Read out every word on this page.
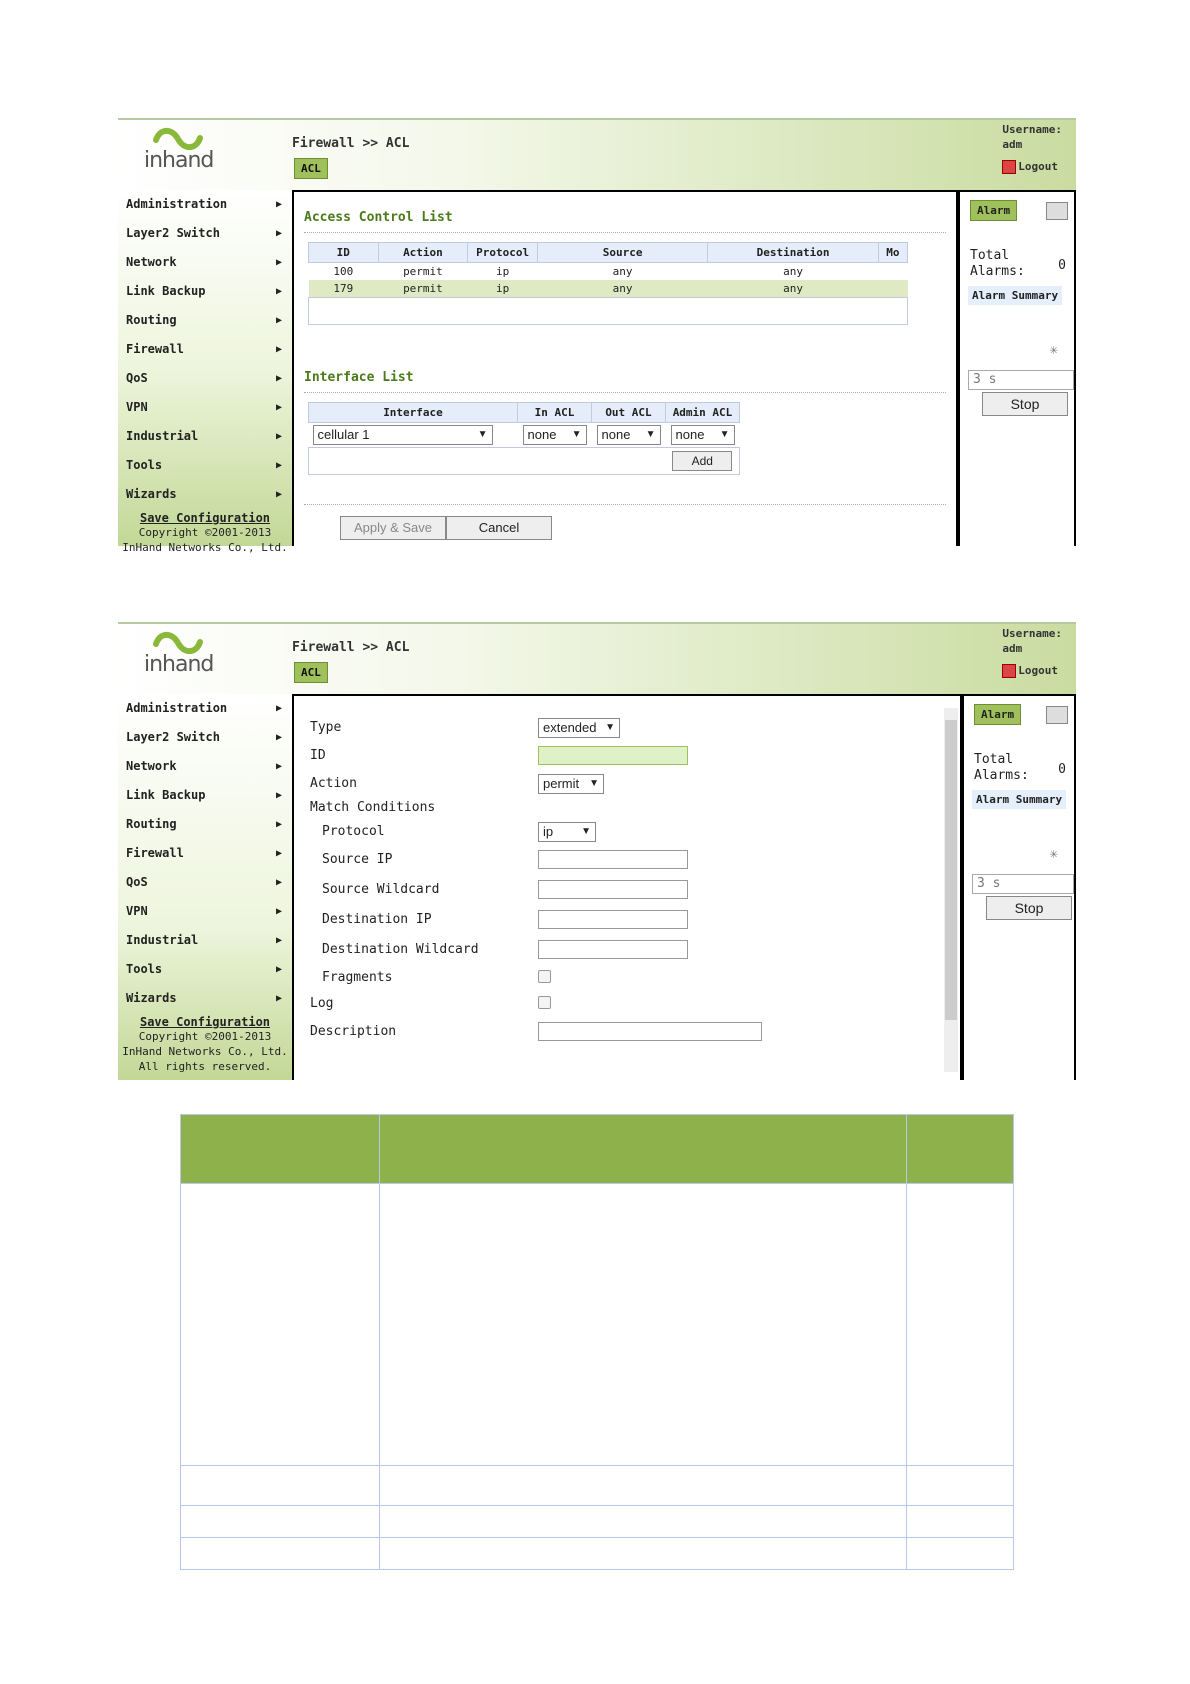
inhand
Firewall >> ACL
ACL
Username:
adm
Logout
Administration	▶
Layer2 Switch	▶
Network	▶
Link Backup	▶
Routing	▶
Firewall	▶
QoS	▶
VPN	▶
Industrial	▶
Tools	▶
Wizards	▶
Save Configuration
Copyright ©2001-2013
InHand Networks Co., Ltd.
Access Control List
ID	Action	Protocol	Source	Destination	Mo
100	permit	ip	any	any	
179	permit	ip	any	any	

Interface List
Interface	In ACL	Out ACL	Admin ACL
cellular 1 ▼	none ▼	none ▼	none ▼

			Add
Apply & Save	Cancel
Alarm
Total Alarms:	0
Alarm Summary
✳
3 s
Stop
inhand
Firewall >> ACL
ACL
Username:
adm
Logout
Administration	▶
Layer2 Switch	▶
Network	▶
Link Backup	▶
Routing	▶
Firewall	▶
QoS	▶
VPN	▶
Industrial	▶
Tools	▶
Wizards	▶
Save Configuration
Copyright ©2001-2013
InHand Networks Co., Ltd.
All rights reserved.
Type	extended ▼
ID
Action	permit ▼
Match Conditions
Protocol	ip	▼
Source IP
Source Wildcard
Destination IP
Destination Wildcard
Fragments
Log
Description
Alarm
Total Alarms:	0
Alarm Summary
✳
3 s
Stop
